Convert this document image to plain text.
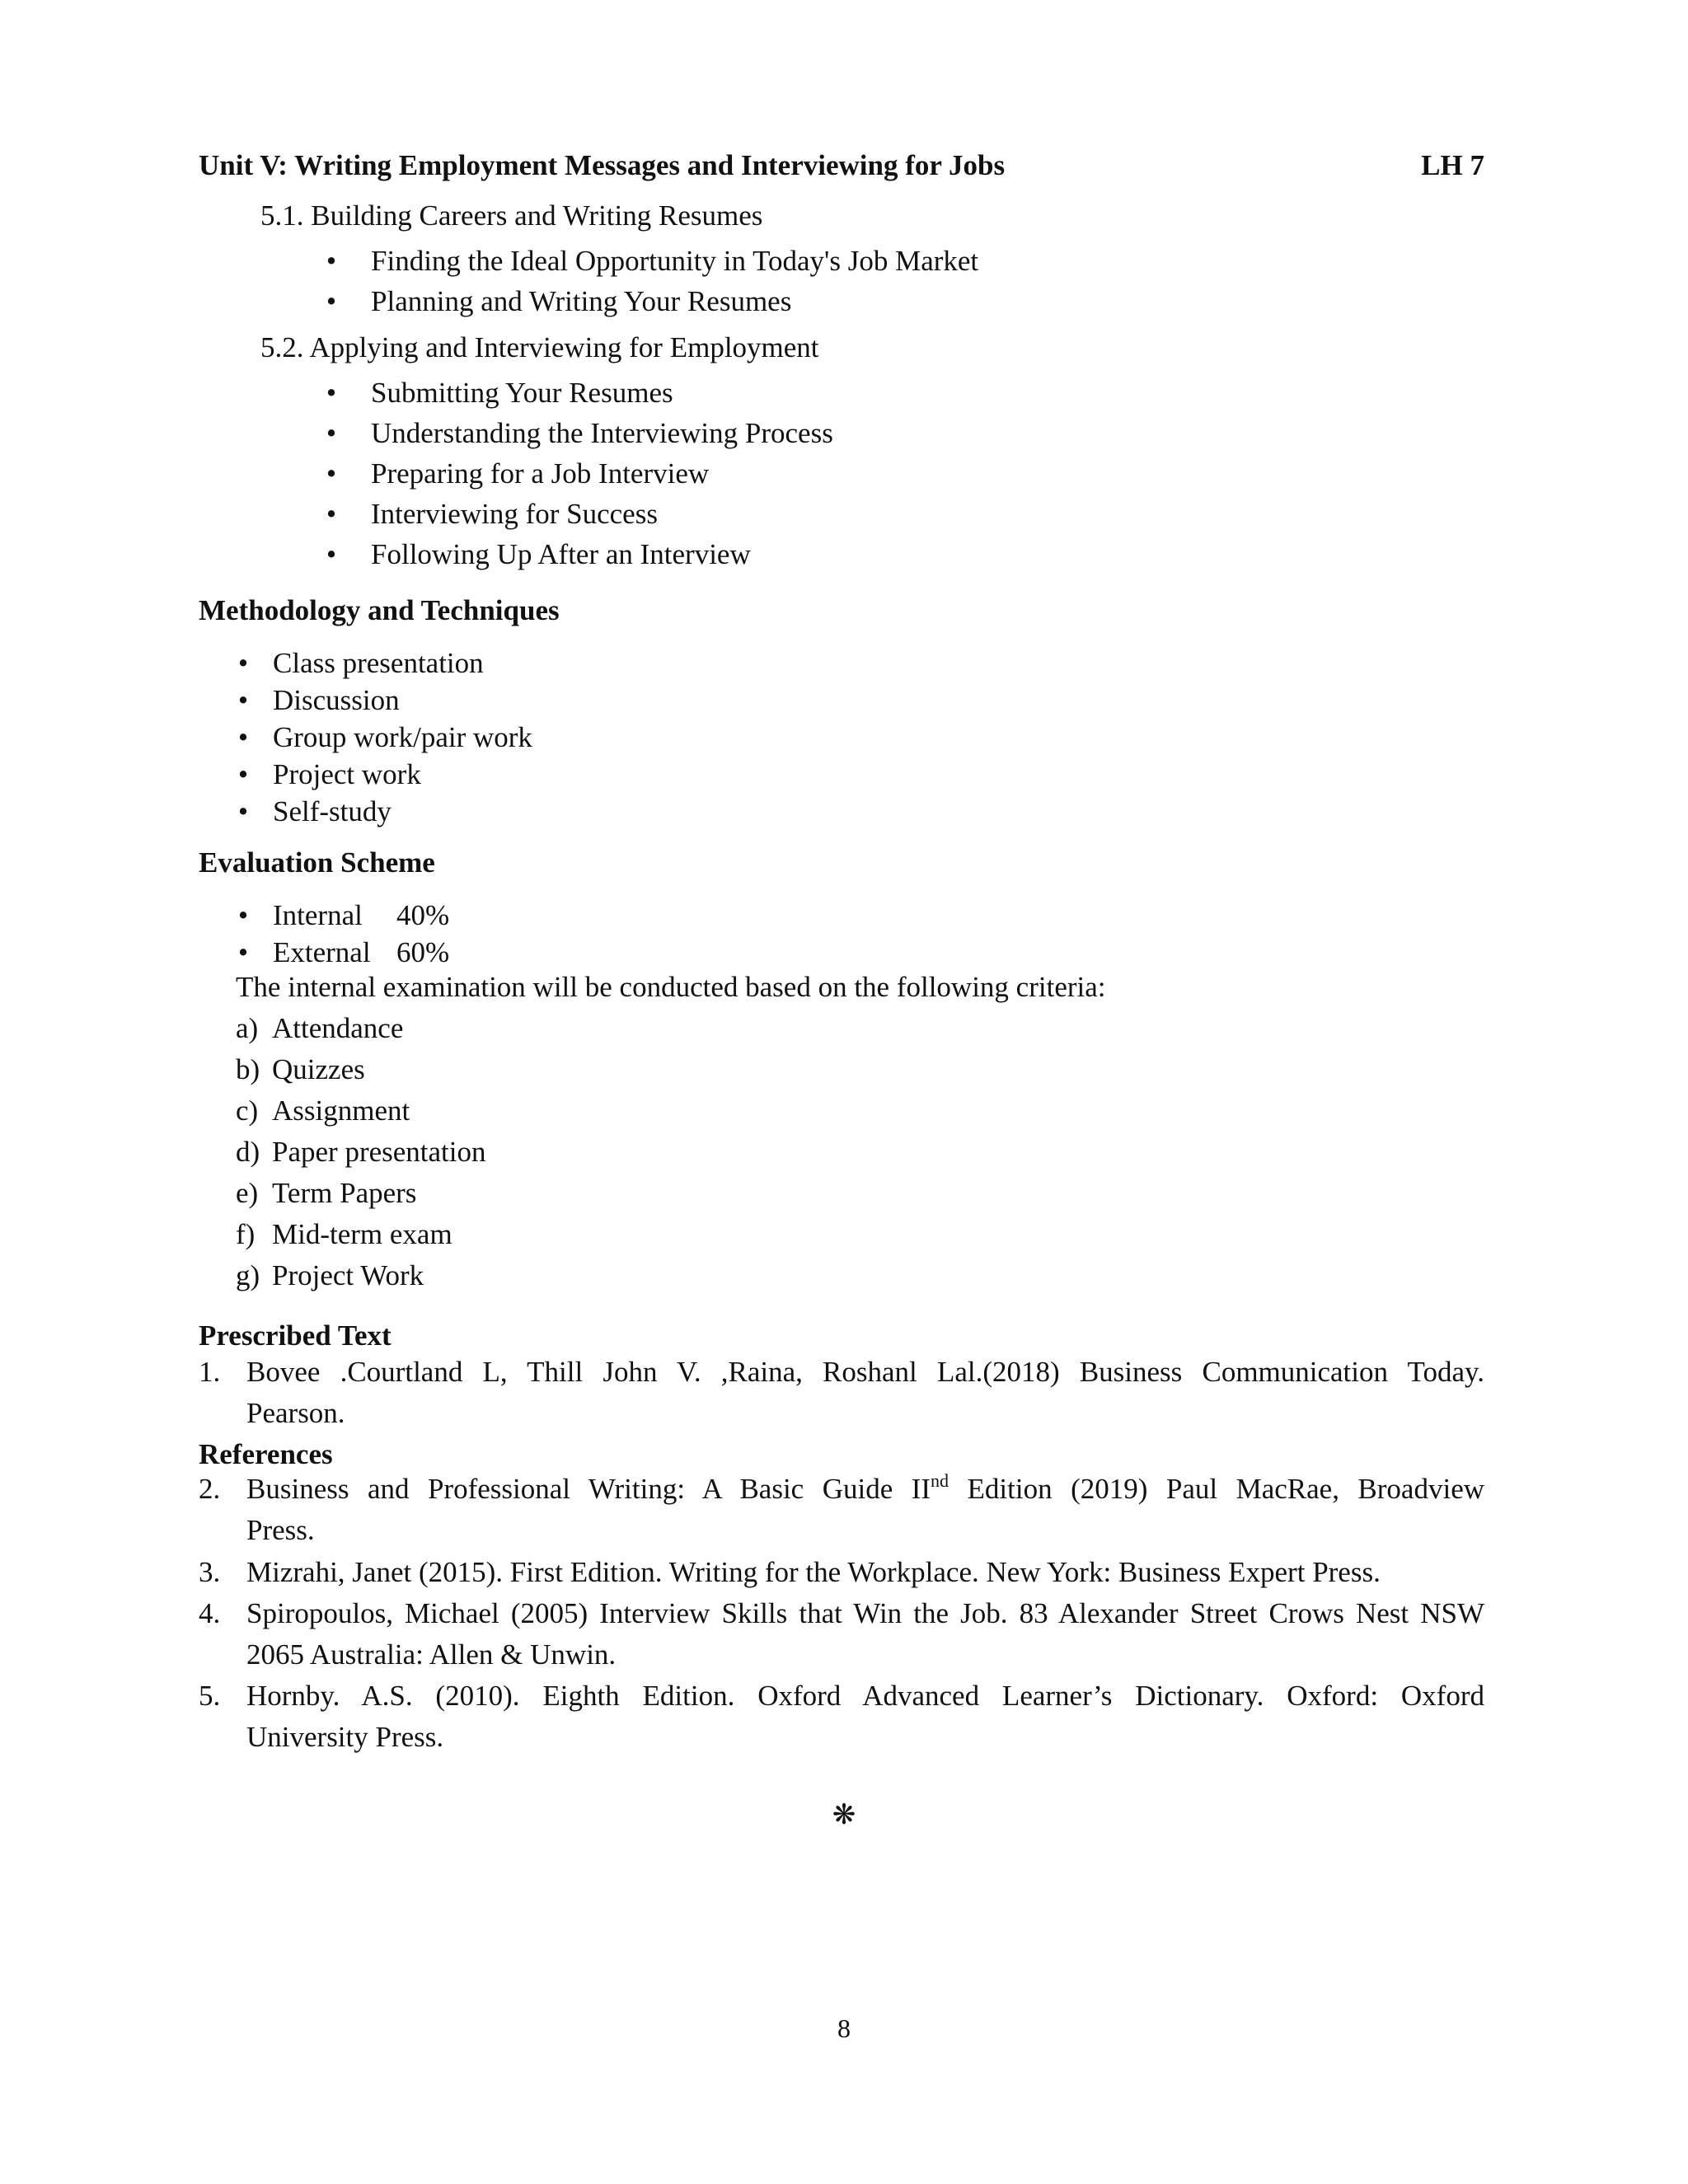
Unit V: Writing Employment Messages and Interviewing for Jobs	LH 7
5.1. Building Careers and Writing Resumes
• Finding the Ideal Opportunity in Today's Job Market
• Planning and Writing Your Resumes
5.2. Applying and Interviewing for Employment
• Submitting Your Resumes
• Understanding the Interviewing Process
• Preparing for a Job Interview
• Interviewing for Success
• Following Up After an Interview
Methodology and Techniques
• Class presentation
• Discussion
• Group work/pair work
• Project work
• Self-study
Evaluation Scheme
• Internal 40%
• External 60%
The internal examination will be conducted based on the following criteria:
a) Attendance
b) Quizzes
c) Assignment
d) Paper presentation
e) Term Papers
f) Mid-term exam
g) Project Work
Prescribed Text
1. Bovee .Courtland L, Thill John V. ,Raina, Roshanl Lal.(2018) Business Communication Today.
Pearson.
References
2. Business and Professional Writing: A Basic Guide IInd Edition (2019) Paul MacRae, Broadview
Press.
3. Mizrahi, Janet (2015). First Edition. Writing for the Workplace. New York: Business Expert Press.
4. Spiropoulos, Michael (2005) Interview Skills that Win the Job. 83 Alexander Street Crows Nest NSW
2065 Australia: Allen & Unwin.
5. Hornby. A.S. (2010). Eighth Edition. Oxford Advanced Learner’s Dictionary. Oxford: Oxford
University Press.
❋
8
